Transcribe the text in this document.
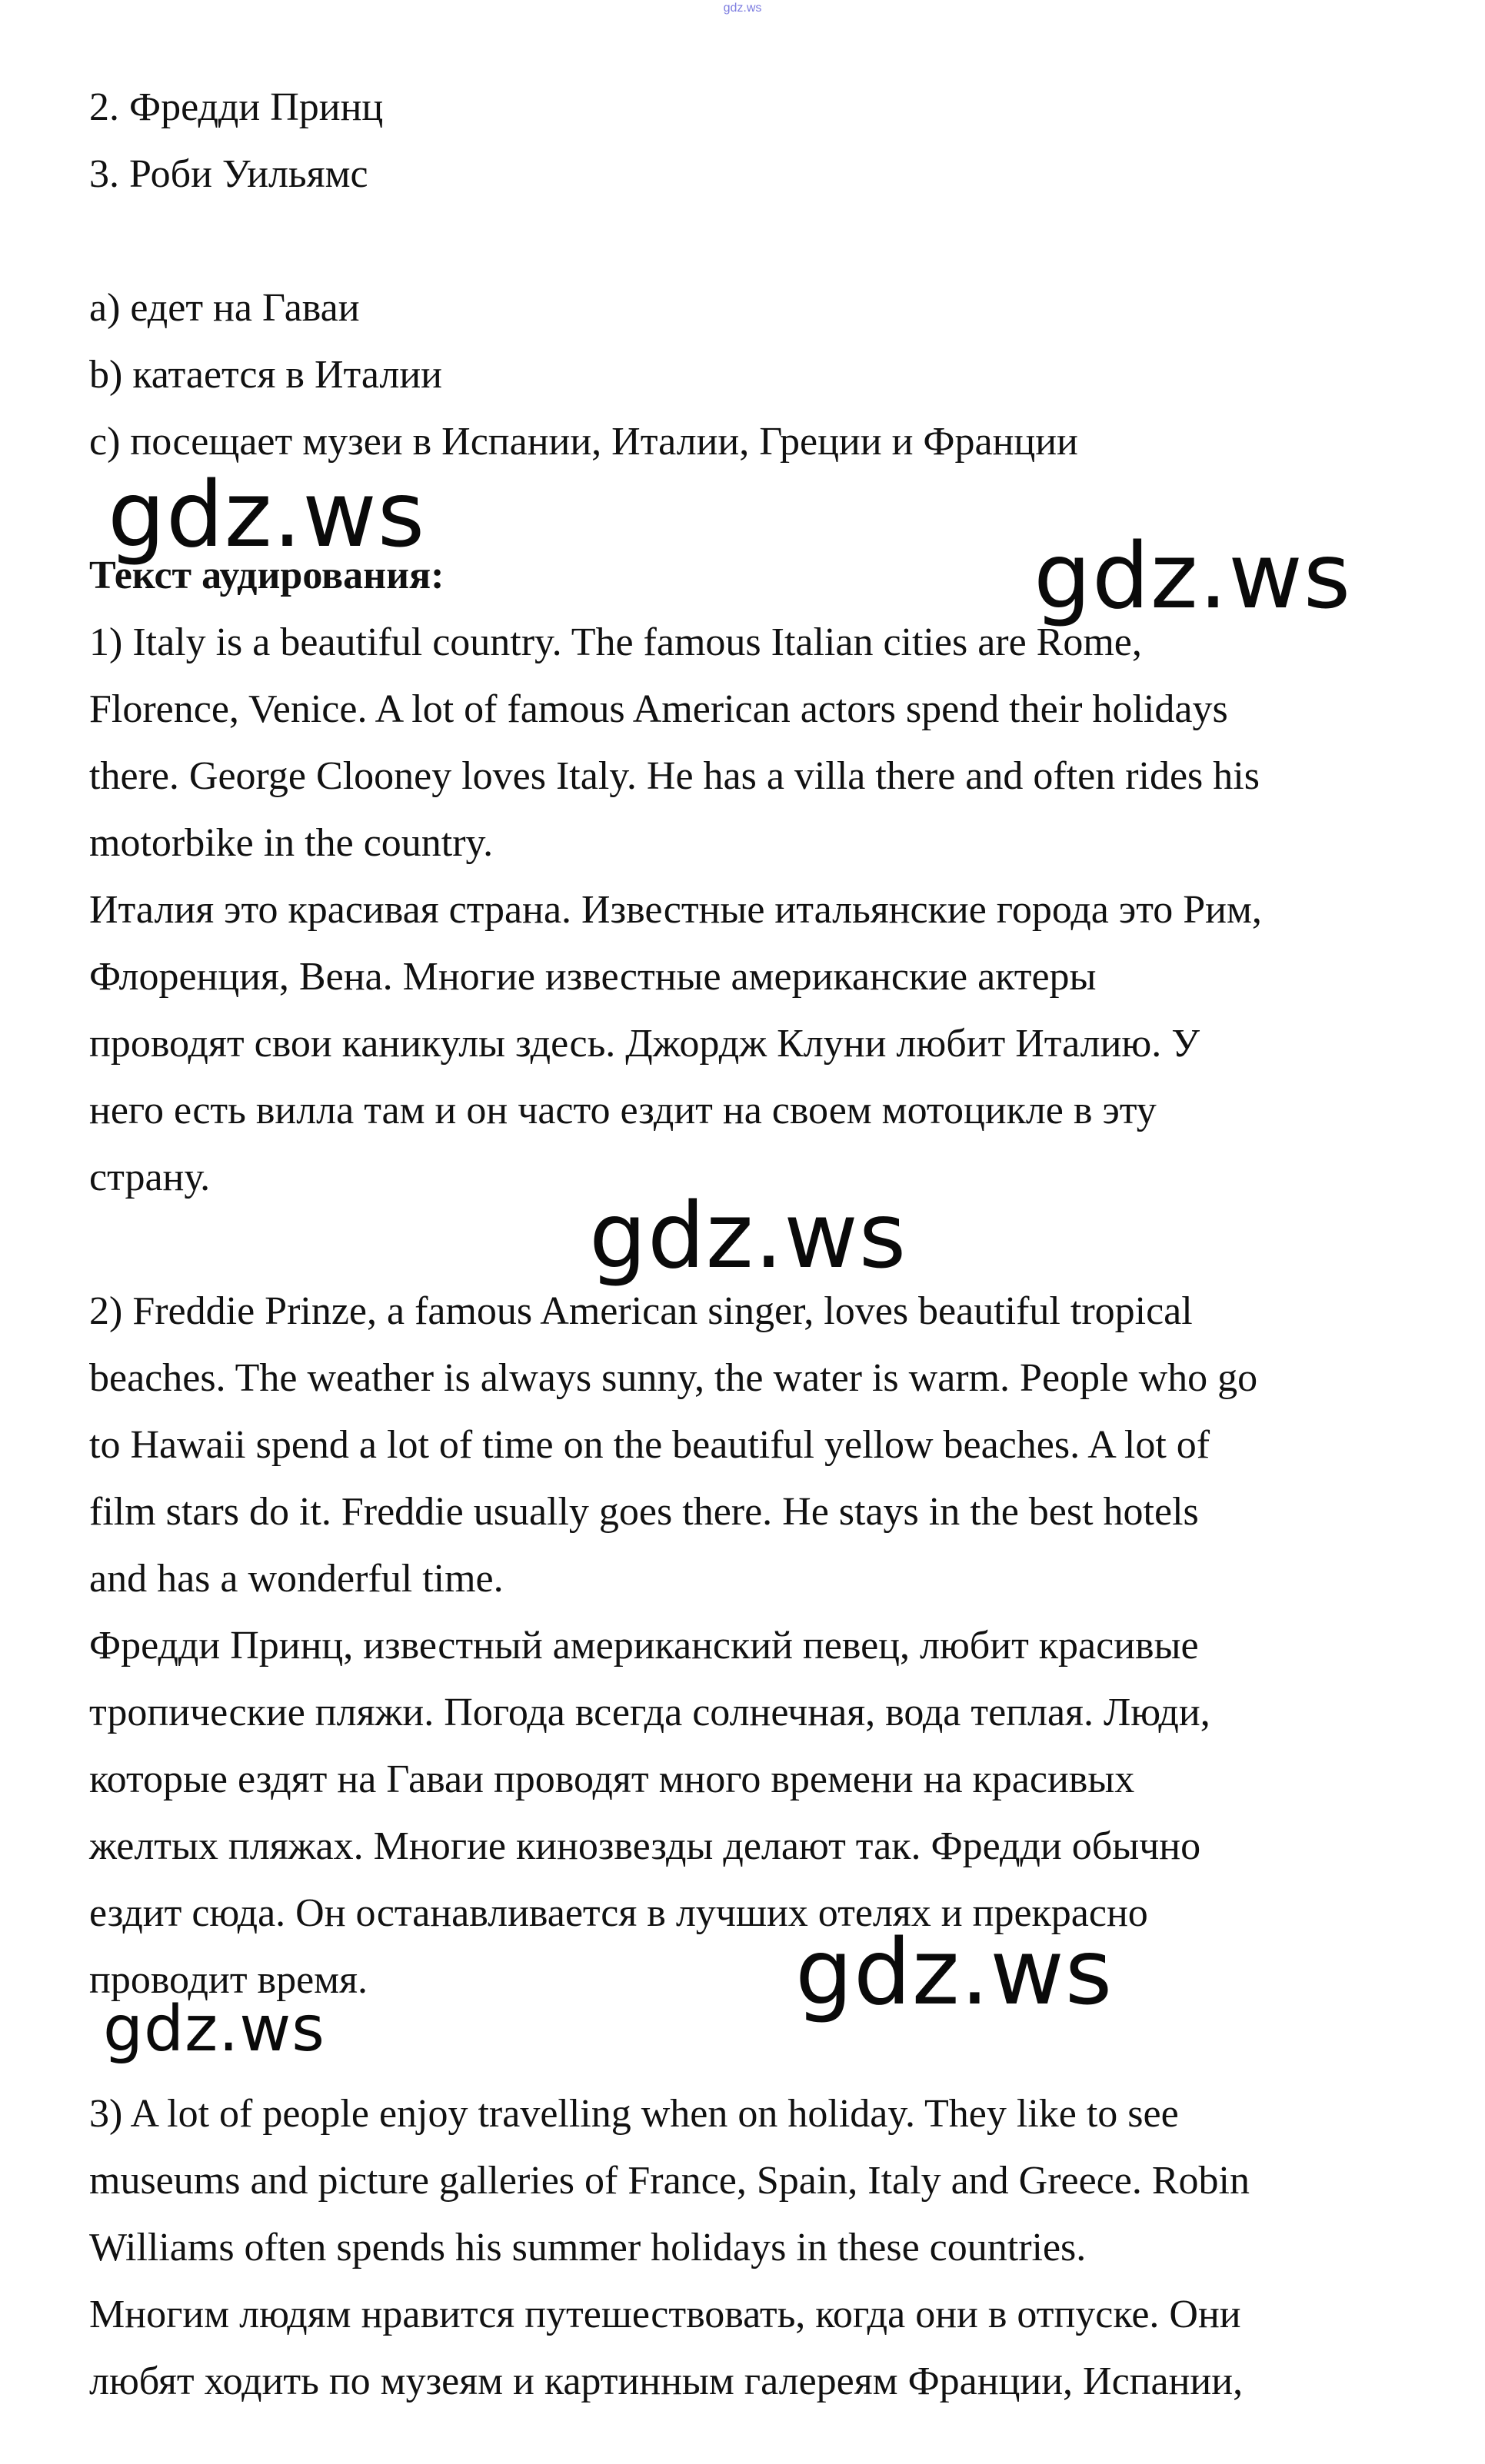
gdz.ws
2. Фредди Принц
3. Роби Уильямс
a) едет на Гаваи
b) катается в Италии
c) посещает музеи в Испании, Италии, Греции и Франции
Текст аудирования:
1) Italy is a beautiful country. The famous Italian cities are Rome,
Florence, Venice. A lot of famous American actors spend their holidays
there. George Clooney loves Italy. He has a villa there and often rides his
motorbike in the country.
Италия это красивая страна. Известные итальянские города это Рим,
Флоренция, Вена. Многие известные американские актеры
проводят свои каникулы здесь. Джордж Клуни любит Италию. У
него есть вилла там и он часто ездит на своем мотоцикле в эту
страну.
2) Freddie Prinze, a famous American singer, loves beautiful tropical
beaches. The weather is always sunny, the water is warm. People who go
to Hawaii spend a lot of time on the beautiful yellow beaches. A lot of
film stars do it. Freddie usually goes there. He stays in the best hotels
and has a wonderful time.
Фредди Принц, известный американский певец, любит красивые
тропические пляжи. Погода всегда солнечная, вода теплая. Люди,
которые ездят на Гаваи проводят много времени на красивых
желтых пляжах. Многие кинозвезды делают так. Фредди обычно
ездит сюда. Он останавливается в лучших отелях и прекрасно
проводит время.
3) A lot of people enjoy travelling when on holiday. They like to see
museums and picture galleries of France, Spain, Italy and Greece. Robin
Williams often spends his summer holidays in these countries.
Многим людям нравится путешествовать, когда они в отпуске. Они
любят ходить по музеям и картинным галереям Франции, Испании,
gdz.ws
gdz.ws
gdz.ws
gdz.ws
gdz.ws
